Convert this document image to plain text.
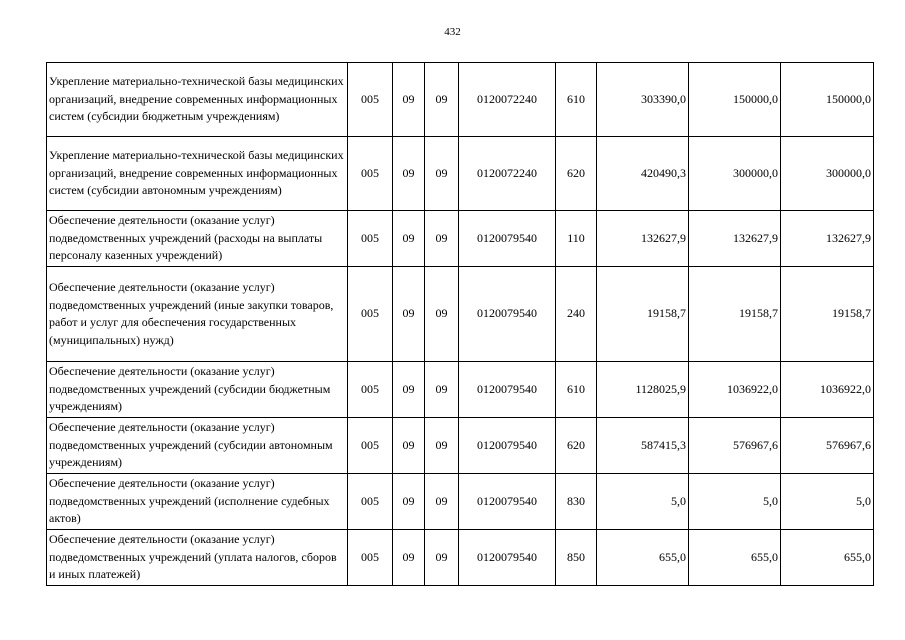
432
Укрепление материально-технической базы медицинских организаций, внедрение современных информационных систем (субсидии бюджетным учреждениям)	005	09	09	0120072240	610	303390,0	150000,0	150000,0
Укрепление материально-технической базы медицинских организаций, внедрение современных информационных систем (субсидии автономным учреждениям)	005	09	09	0120072240	620	420490,3	300000,0	300000,0
Обеспечение деятельности (оказание услуг) подведомственных учреждений (расходы на выплаты персоналу казенных учреждений)	005	09	09	0120079540	110	132627,9	132627,9	132627,9
Обеспечение деятельности (оказание услуг) подведомственных учреждений (иные закупки товаров, работ и услуг для обеспечения государственных (муниципальных) нужд)	005	09	09	0120079540	240	19158,7	19158,7	19158,7
Обеспечение деятельности (оказание услуг) подведомственных учреждений (субсидии бюджетным учреждениям)	005	09	09	0120079540	610	1128025,9	1036922,0	1036922,0
Обеспечение деятельности (оказание услуг) подведомственных учреждений (субсидии автономным учреждениям)	005	09	09	0120079540	620	587415,3	576967,6	576967,6
Обеспечение деятельности (оказание услуг) подведомственных учреждений (исполнение судебных актов)	005	09	09	0120079540	830	5,0	5,0	5,0
Обеспечение деятельности (оказание услуг) подведомственных учреждений (уплата налогов, сборов и иных платежей)	005	09	09	0120079540	850	655,0	655,0	655,0
